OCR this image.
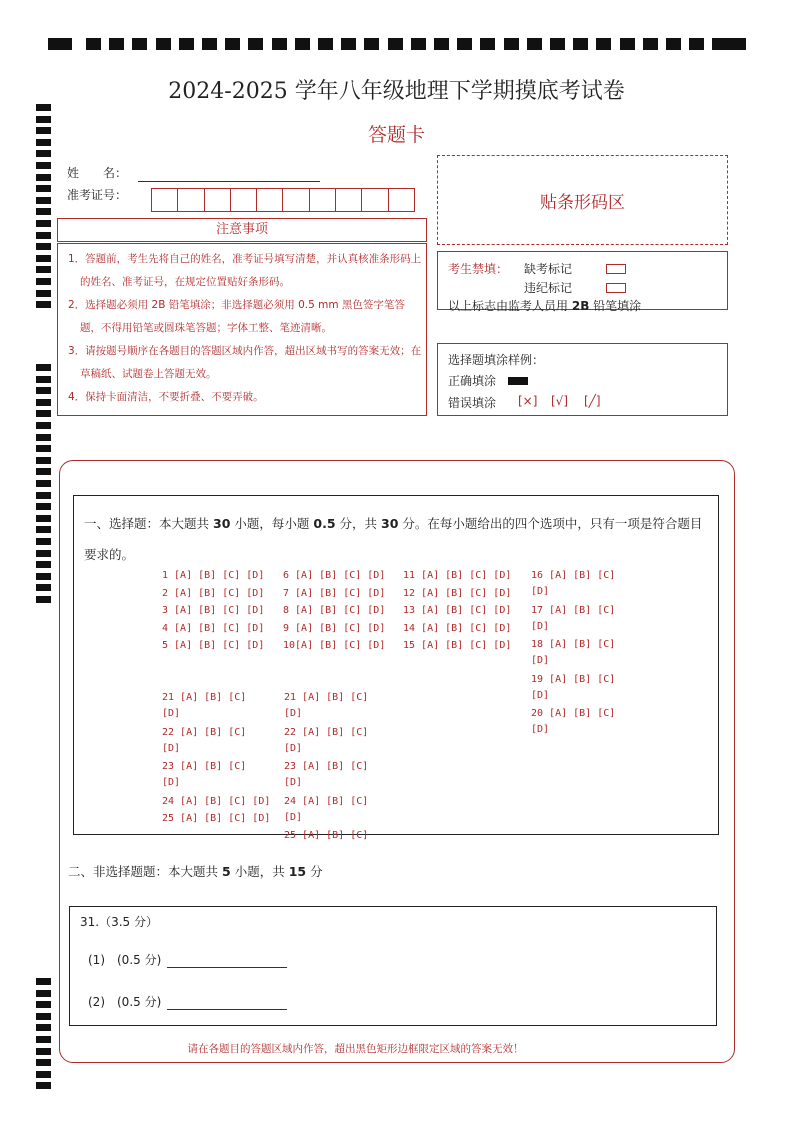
2024-2025 学年八年级地理下学期摸底考试卷
答题卡
姓　　名：
准考证号：	贴条形码区
注意事项
1．答题前，考生先将自己的姓名，准考证号填写清楚，并认真核准条形码上的姓名、准考证号，在规定位置贴好条形码。
2．选择题必须用 2B 铅笔填涂；非选择题必须用 0.5 mm 黑色签字笔答题，不得用铅笔或圆珠笔答题；字体工整、笔迹清晰。
3．请按题号顺序在各题目的答题区域内作答，超出区域书写的答案无效；在草稿纸、试题卷上答题无效。
4．保持卡面清洁，不要折叠、不要弄破。
考生禁填： 缺考标记
违纪标记
以上标志由监考人员用 2B 铅笔填涂
选择题填涂样例：
正确填涂
错误填涂 [×] [√] [╱]
一、选择题：本大题共 30 小题，每小题 0.5 分，共 30 分。在每小题给出的四个选项中，只有一项是符合题目要求的。
1 [A] [B] [C] [D]
2 [A] [B] [C] [D]
3 [A] [B] [C] [D]
4 [A] [B] [C] [D]
5 [A] [B] [C] [D]
6 [A] [B] [C] [D]
7 [A] [B] [C] [D]
8 [A] [B] [C] [D]
9 [A] [B] [C] [D]
10[A] [B] [C] [D]
11 [A] [B] [C] [D]
12 [A] [B] [C] [D]
13 [A] [B] [C] [D]
14 [A] [B] [C] [D]
15 [A] [B] [C] [D]
16 [A] [B] [C]
[D]
17 [A] [B] [C]
[D]
18 [A] [B] [C]
[D]
19 [A] [B] [C]
[D]
20 [A] [B] [C]
[D]
21 [A] [B] [C]
[D]
22 [A] [B] [C]
[D]
23 [A] [B] [C]
[D]
24 [A] [B] [C] [D]
25 [A] [B] [C] [D]
21 [A] [B] [C]
[D]
22 [A] [B] [C]
[D]
23 [A] [B] [C]
[D]
24 [A] [B] [C]
[D]
25 [A] [B] [C]
二、非选择题题：本大题共 5 小题，共 15 分
31.（3.5 分）
(1)　(0.5 分)
(2)　(0.5 分)
请在各题目的答题区域内作答，超出黑色矩形边框限定区域的答案无效！
